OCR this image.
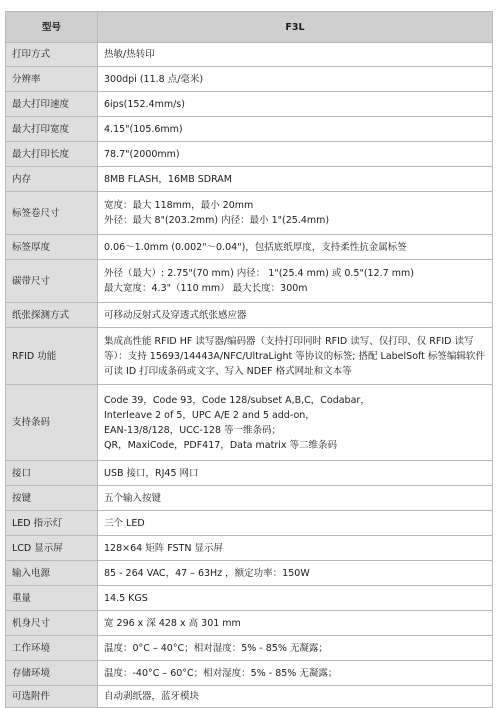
型号	F3L
打印方式	热敏/热转印

分辨率	300dpi (11.8 点/毫米)

最大打印速度	6ips(152.4mm/s)

最大打印宽度	4.15"(105.6mm)

最大打印长度	78.7"(2000mm)

内存	8MB FLASH，16MB SDRAM

标签卷尺寸	宽度：最大 118mm，最小 20mm
外径：最大 8"(203.2mm) 内径：最小 1"(25.4mm)

标签厚度	0.06～1.0mm (0.002"～0.04")，包括底纸厚度，支持柔性抗金属标签

碳带尺寸	外径（最大）: 2.75"(70 mm) 内径： 1"(25.4 mm) 或 0.5"(12.7 mm)
最大宽度：4.3"（110 mm） 最大长度：300m

纸张探测方式	可移动反射式及穿透式纸张感应器

RFID 功能	集成高性能 RFID HF 读写器/编码器（支持打印同时 RFID 读写、仅打印、仅 RFID 读写等）：支持 15693/14443A/NFC/UltraLight 等协议的标签; 搭配 LabelSoft 标签编辑软件可读 ID 打印成条码或文字、写入 NDEF 格式网址和文本等

支持条码	Code 39，Code 93，Code 128/subset A,B,C，Codabar，
Interleave 2 of 5，UPC A/E 2 and 5 add-on，
EAN-13/8/128，UCC-128 等一维条码；
QR，MaxiCode，PDF417，Data matrix 等二维条码

接口	USB 接口，RJ45 网口

按键	五个输入按键

LED 指示灯	三个 LED

LCD 显示屏	128×64 矩阵 FSTN 显示屏

输入电源	85 - 264 VAC，47 – 63Hz ，额定功率：150W

重量	14.5 KGS

机身尺寸	宽 296 x 深 428 x 高 301 mm

工作环境	温度：0°C – 40°C；相对湿度：5% - 85% 无凝露；

存储环境	温度：-40°C – 60°C；相对湿度：5% - 85% 无凝露；

可选附件	自动剥纸器，蓝牙模块
